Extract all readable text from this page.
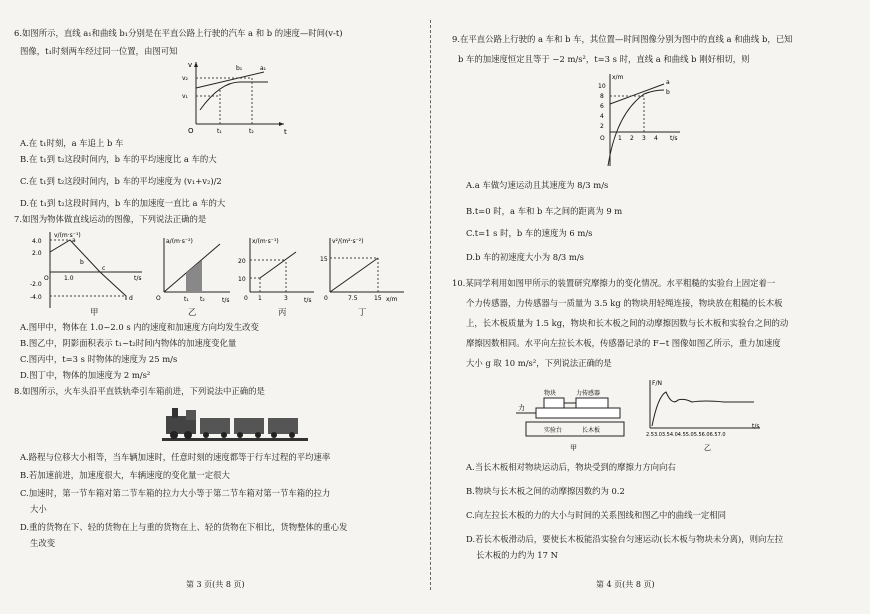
6.如图所示，直线 a₁和曲线 b₁分别是在平直公路上行驶的汽车 a 和 b 的速度—时间(v-t)
图像，t₁时刻两车经过同一位置，由图可知
v
t
O
v₂
v₁
a₁
b₁
t₁	t₂
A.在 t₁时刻，a 车追上 b 车
B.在 t₁到 t₂这段时间内，b 车的平均速度比 a 车的大
C.在 t₁到 t₂这段时间内，b 车的平均速度为 (v₁+v₂)/2
D.在 t₁到 t₂这段时间内，b 车的加速度一直比 a 车的大
7.如图为物体做直线运动的图像，下列说法正确的是
v/(m·s⁻¹)
t/s
4.0
2.0
-2.0
-4.0
1.0
a
b
c
d
O
甲
a/(m·s⁻²)
t/s
O	t₁ t₂
乙
x/(m·s⁻¹)
t/s
20
10
0 1	3
丙
v²/(m²·s⁻²)
x/m
15
0	7.5	15
丁
A.图甲中，物体在 1.0~2.0 s 内的速度和加速度方向均发生改变
B.图乙中，阴影面积表示 t₁~t₂时间内物体的加速度变化量
C.图丙中，t=3 s 时物体的速度为 25 m/s
D.图丁中，物体的加速度为 2 m/s²
8.如图所示，火车头沿平直铁轨牵引车箱前进，下列说法中正确的是
A.路程与位移大小相等，当车辆加速时，任意时刻的速度都等于行车过程的平均速率
B.若加速前进，加速度很大，车辆速度的变化量一定很大
C.加速时，第一节车箱对第二节车箱的拉力大小等于第二节车箱对第一节车箱的拉力
大小
D.重的货物在下、轻的货物在上与重的货物在上、轻的货物在下相比，货物整体的重心发
生改变
第 3 页(共 8 页)
9.在平直公路上行驶的 a 车和 b 车，其位置—时间图像分别为图中的直线 a 和曲线 b，已知
b 车的加速度恒定且等于 −2 m/s²，t=3 s 时，直线 a 和曲线 b 刚好相切，则
x/m
t/s
a
b
10
8
6
4
2
O 1 2 3 4
A.a 车做匀速运动且其速度为 8/3 m/s
B.t=0 时，a 车和 b 车之间的距离为 9 m
C.t=1 s 时，b 车的速度为 6 m/s
D.b 车的初速度大小为 8/3 m/s
10.某同学利用如图甲所示的装置研究摩擦力的变化情况。水平粗糙的实验台上固定着一
个力传感器，力传感器与一质量为 3.5 kg 的物块用轻绳连接，物块放在粗糙的长木板
上，长木板质量为 1.5 kg，物块和长木板之间的动摩擦因数与长木板和实验台之间的动
摩擦因数相同。水平向左拉长木板，传感器记录的 F−t 图像如图乙所示，重力加速度
大小 g 取 10 m/s²，下列说法正确的是
力
物块	力传感器
实验台	长木板
甲
F/N
2.53.03.54.04.55.05.56.06.57.0
t/s
乙
A.当长木板相对物块运动后，物块受到的摩擦力方向向右
B.物块与长木板之间的动摩擦因数约为 0.2
C.向左拉长木板的力的大小与时间的关系图线和图乙中的曲线一定相同
D.若长木板滑动后，要使长木板能沿实验台匀速运动(长木板与物块未分离)，则向左拉
长木板的力约为 17 N
第 4 页(共 8 页)
